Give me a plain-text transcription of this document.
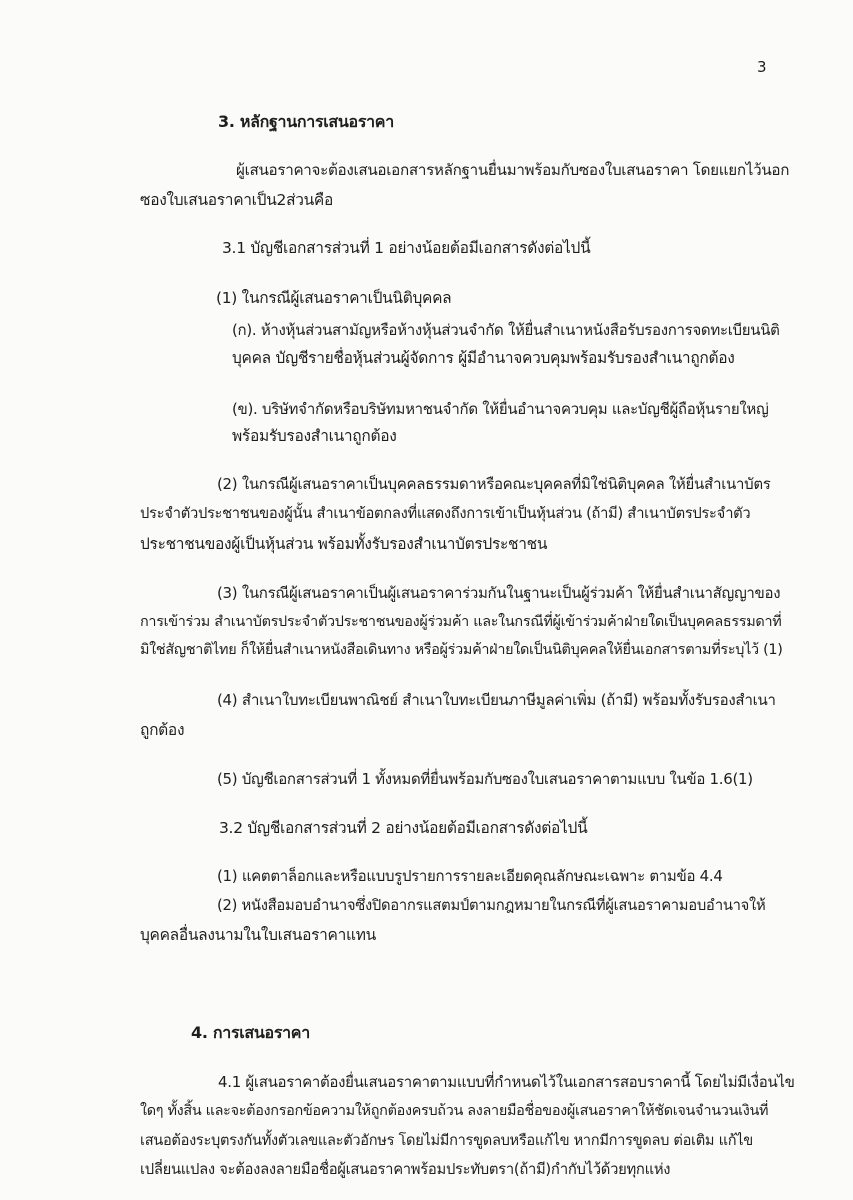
3
3. หลักฐานการเสนอราคา
ผู้เสนอราคาจะต้องเสนอเอกสารหลักฐานยื่นมาพร้อมกับซองใบเสนอราคา โดยแยกไว้นอก
ซองใบเสนอราคาเป็น2ส่วนคือ
3.1 บัญชีเอกสารส่วนที่ 1 อย่างน้อยต้อมีเอกสารดังต่อไปนี้
(1) ในกรณีผู้เสนอราคาเป็นนิติบุคคล
(ก). ห้างหุ้นส่วนสามัญหรือห้างหุ้นส่วนจำกัด ให้ยื่นสำเนาหนังสือรับรองการจดทะเบียนนิติ
บุคคล บัญชีรายชื่อหุ้นส่วนผู้จัดการ ผู้มีอำนาจควบคุมพร้อมรับรองสำเนาถูกต้อง
(ข). บริษัทจำกัดหรือบริษัทมหาชนจำกัด ให้ยื่นอำนาจควบคุม และบัญชีผู้ถือหุ้นรายใหญ่
พร้อมรับรองสำเนาถูกต้อง
(2) ในกรณีผู้เสนอราคาเป็นบุคคลธรรมดาหรือคณะบุคคลที่มิใช่นิติบุคคล ให้ยื่นสำเนาบัตร
ประจำตัวประชาชนของผู้นั้น สำเนาข้อตกลงที่แสดงถึงการเข้าเป็นหุ้นส่วน (ถ้ามี) สำเนาบัตรประจำตัว
ประชาชนของผู้เป็นหุ้นส่วน พร้อมทั้งรับรองสำเนาบัตรประชาชน
(3) ในกรณีผู้เสนอราคาเป็นผู้เสนอราคาร่วมกันในฐานะเป็นผู้ร่วมค้า ให้ยื่นสำเนาสัญญาของ
การเข้าร่วม สำเนาบัตรประจำตัวประชาชนของผู้ร่วมค้า และในกรณีที่ผู้เข้าร่วมค้าฝ่ายใดเป็นบุคคลธรรมดาที่
มิใช่สัญชาติไทย ก็ให้ยื่นสำเนาหนังสือเดินทาง หรือผู้ร่วมค้าฝ่ายใดเป็นนิติบุคคลให้ยื่นเอกสารตามที่ระบุไว้ (1)
(4) สำเนาใบทะเบียนพาณิชย์ สำเนาใบทะเบียนภาษีมูลค่าเพิ่ม (ถ้ามี) พร้อมทั้งรับรองสำเนา
ถูกต้อง
(5) บัญชีเอกสารส่วนที่ 1 ทั้งหมดที่ยื่นพร้อมกับซองใบเสนอราคาตามแบบ ในข้อ 1.6(1)
3.2 บัญชีเอกสารส่วนที่ 2 อย่างน้อยต้อมีเอกสารดังต่อไปนี้
(1) แคตตาล็อกและหรือแบบรูปรายการรายละเอียดคุณลักษณะเฉพาะ ตามข้อ 4.4
(2) หนังสือมอบอำนาจซึ่งปิดอากรแสตมป์ตามกฎหมายในกรณีที่ผู้เสนอราคามอบอำนาจให้
บุคคลอื่นลงนามในใบเสนอราคาแทน
4. การเสนอราคา
4.1 ผู้เสนอราคาต้องยื่นเสนอราคาตามแบบที่กำหนดไว้ในเอกสารสอบราคานี้ โดยไม่มีเงื่อนไข
ใดๆ ทั้งสิ้น และจะต้องกรอกข้อความให้ถูกต้องครบถ้วน ลงลายมือชื่อของผู้เสนอราคาให้ชัดเจนจำนวนเงินที่
เสนอต้องระบุตรงกันทั้งตัวเลขและตัวอักษร โดยไม่มีการขูดลบหรือแก้ไข หากมีการขูดลบ ต่อเติม แก้ไข
เปลี่ยนแปลง จะต้องลงลายมือชื่อผู้เสนอราคาพร้อมประทับตรา(ถ้ามี)กำกับไว้ด้วยทุกแห่ง
